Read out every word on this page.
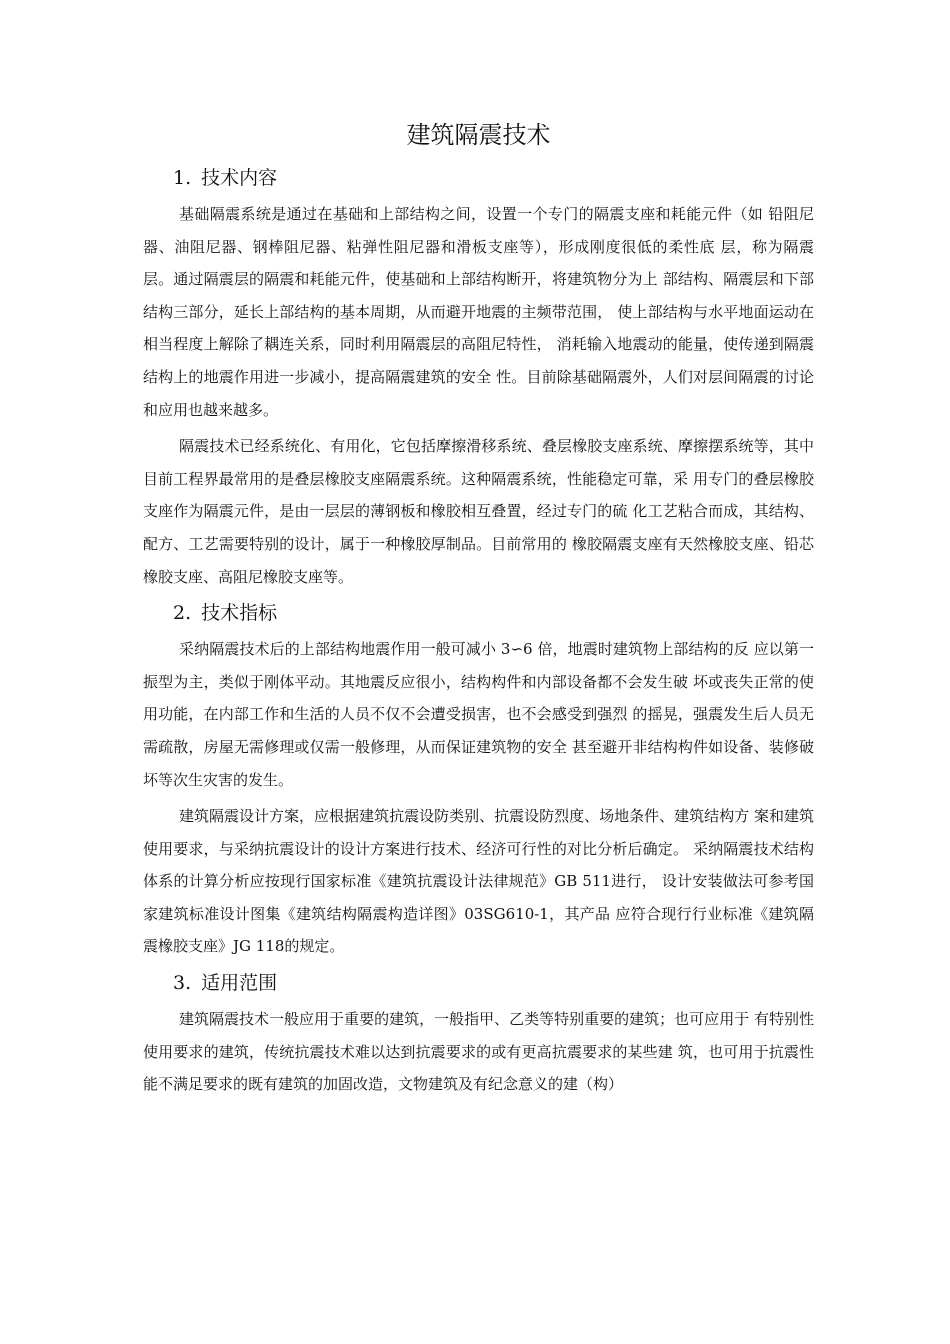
建筑隔震技术
1. 技术内容

基础隔震系统是通过在基础和上部结构之间，设置一个专门的隔震支座和耗能元件（如 铅阻尼器、油阻尼器、钢棒阻尼器、粘弹性阻尼器和滑板支座等），形成刚度很低的柔性底 层，称为隔震层。通过隔震层的隔震和耗能元件，使基础和上部结构断开，将建筑物分为上 部结构、隔震层和下部结构三部分，延长上部结构的基本周期，从而避开地震的主频带范围， 使上部结构与水平地面运动在相当程度上解除了耦连关系，同时利用隔震层的高阻尼特性， 消耗输入地震动的能量，使传递到隔震结构上的地震作用进一步减小，提高隔震建筑的安全 性。目前除基础隔震外，人们对层间隔震的讨论和应用也越来越多。

隔震技术已经系统化、有用化，它包括摩擦滑移系统、叠层橡胶支座系统、摩擦摆系统等，其中目前工程界最常用的是叠层橡胶支座隔震系统。这种隔震系统，性能稳定可靠，采 用专门的叠层橡胶支座作为隔震元件，是由一层层的薄钢板和橡胶相互叠置，经过专门的硫 化工艺粘合而成，其结构、配方、工艺需要特别的设计，属于一种橡胶厚制品。目前常用的 橡胶隔震支座有天然橡胶支座、铅芯橡胶支座、高阻尼橡胶支座等。

2. 技术指标

采纳隔震技术后的上部结构地震作用一般可减小 3∽6 倍，地震时建筑物上部结构的反 应以第一振型为主，类似于刚体平动。其地震反应很小，结构构件和内部设备都不会发生破 坏或丧失正常的使用功能，在内部工作和生活的人员不仅不会遭受损害，也不会感受到强烈 的摇晃，强震发生后人员无需疏散，房屋无需修理或仅需一般修理，从而保证建筑物的安全 甚至避开非结构构件如设备、装修破坏等次生灾害的发生。

建筑隔震设计方案，应根据建筑抗震设防类别、抗震设防烈度、场地条件、建筑结构方 案和建筑使用要求，与采纳抗震设计的设计方案进行技术、经济可行性的对比分析后确定。 采纳隔震技术结构体系的计算分析应按现行国家标准《建筑抗震设计法律规范》GB 511进行， 设计安装做法可参考国家建筑标准设计图集《建筑结构隔震构造详图》03SG610-1，其产品 应符合现行行业标准《建筑隔震橡胶支座》JG 118的规定。

3. 适用范围

建筑隔震技术一般应用于重要的建筑，一般指甲、乙类等特别重要的建筑；也可应用于 有特别性使用要求的建筑，传统抗震技术难以达到抗震要求的或有更高抗震要求的某些建 筑，也可用于抗震性能不满足要求的既有建筑的加固改造，文物建筑及有纪念意义的建（构）
